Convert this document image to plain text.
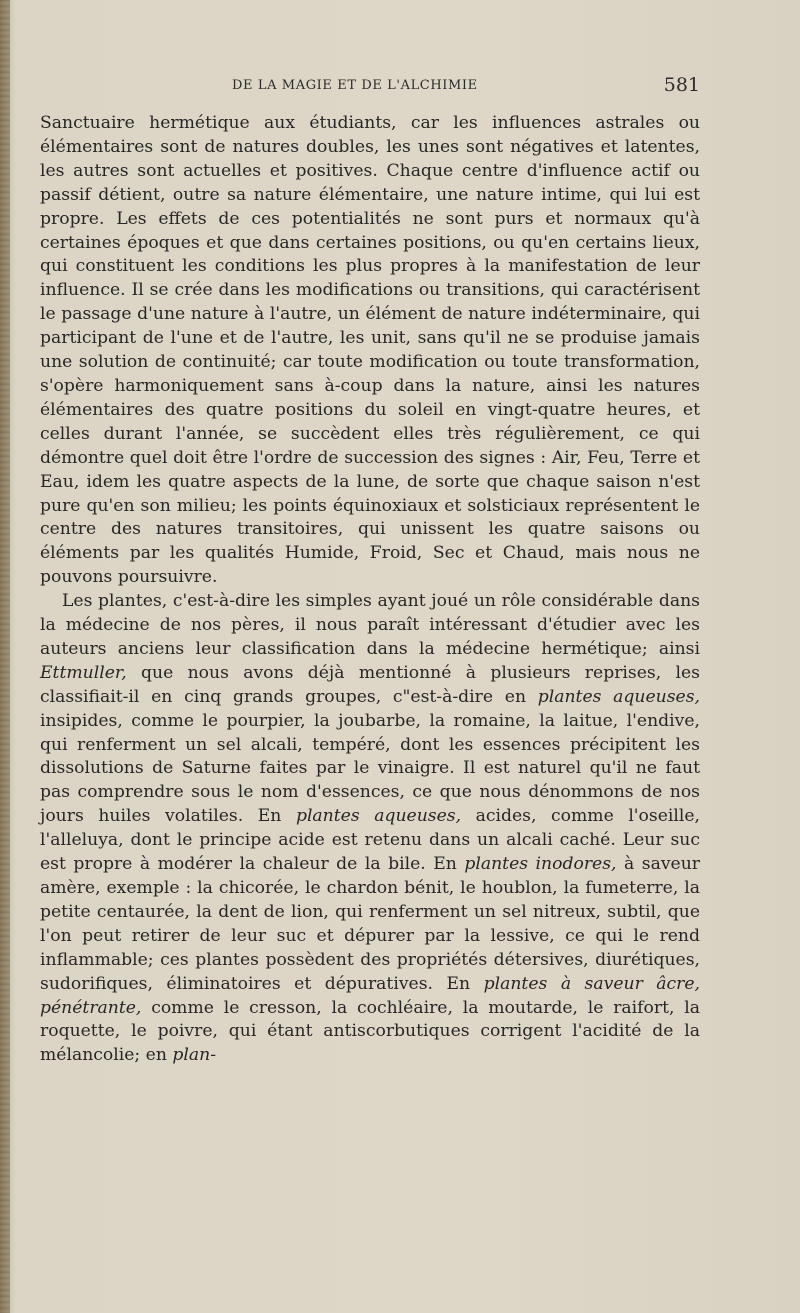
DE LA MAGIE ET DE L'ALCHIMIE	581

Sanctuaire hermétique aux étudiants, car les influences astrales ou élémentaires sont de natures doubles, les unes sont négatives et latentes, les autres sont actuelles et positives. Chaque centre d'influence actif ou passif détient, outre sa nature élémentaire, une nature intime, qui lui est propre. Les effets de ces potentialités ne sont purs et normaux qu'à certaines époques et que dans certaines positions, ou qu'en certains lieux, qui constituent les conditions les plus propres à la manifestation de leur influence. Il se crée dans les modifications ou transitions, qui caractérisent le passage d'une nature à l'autre, un élément de nature indéterminaire, qui participant de l'une et de l'autre, les unit, sans qu'il ne se produise jamais une solution de continuité; car toute modification ou toute transformation, s'opère harmoniquement sans à-coup dans la nature, ainsi les natures élémentaires des quatre positions du soleil en vingt-quatre heures, et celles durant l'année, se succèdent elles très régulièrement, ce qui démontre quel doit être l'ordre de succession des signes : Air, Feu, Terre et Eau, idem les quatre aspects de la lune, de sorte que chaque saison n'est pure qu'en son milieu; les points équinoxiaux et solsticiaux représentent le centre des natures transitoires, qui unissent les quatre saisons ou éléments par les qualités Humide, Froid, Sec et Chaud, mais nous ne pouvons poursuivre.

Les plantes, c'est-à-dire les simples ayant joué un rôle considérable dans la médecine de nos pères, il nous paraît intéressant d'étudier avec les auteurs anciens leur classification dans la médecine hermétique; ainsi Ettmuller, que nous avons déjà mentionné à plusieurs reprises, les classifiait-il en cinq grands groupes, c"est-à-dire en plantes aqueuses, insipides, comme le pourpier, la joubarbe, la romaine, la laitue, l'endive, qui renferment un sel alcali, tempéré, dont les essences précipitent les dissolutions de Saturne faites par le vinaigre. Il est naturel qu'il ne faut pas comprendre sous le nom d'essences, ce que nous dénommons de nos jours huiles volatiles. En plantes aqueuses, acides, comme l'oseille, l'alleluya, dont le principe acide est retenu dans un alcali caché. Leur suc est propre à modérer la chaleur de la bile. En plantes inodores, à saveur amère, exemple : la chicorée, le chardon bénit, le houblon, la fumeterre, la petite centaurée, la dent de lion, qui renferment un sel nitreux, subtil, que l'on peut retirer de leur suc et dépurer par la lessive, ce qui le rend inflammable; ces plantes possèdent des propriétés détersives, diurétiques, sudorifiques, éliminatoires et dépuratives. En plantes à saveur âcre, pénétrante, comme le cresson, la cochléaire, la moutarde, le raifort, la roquette, le poivre, qui étant antiscorbutiques corrigent l'acidité de la mélancolie; en plan-
